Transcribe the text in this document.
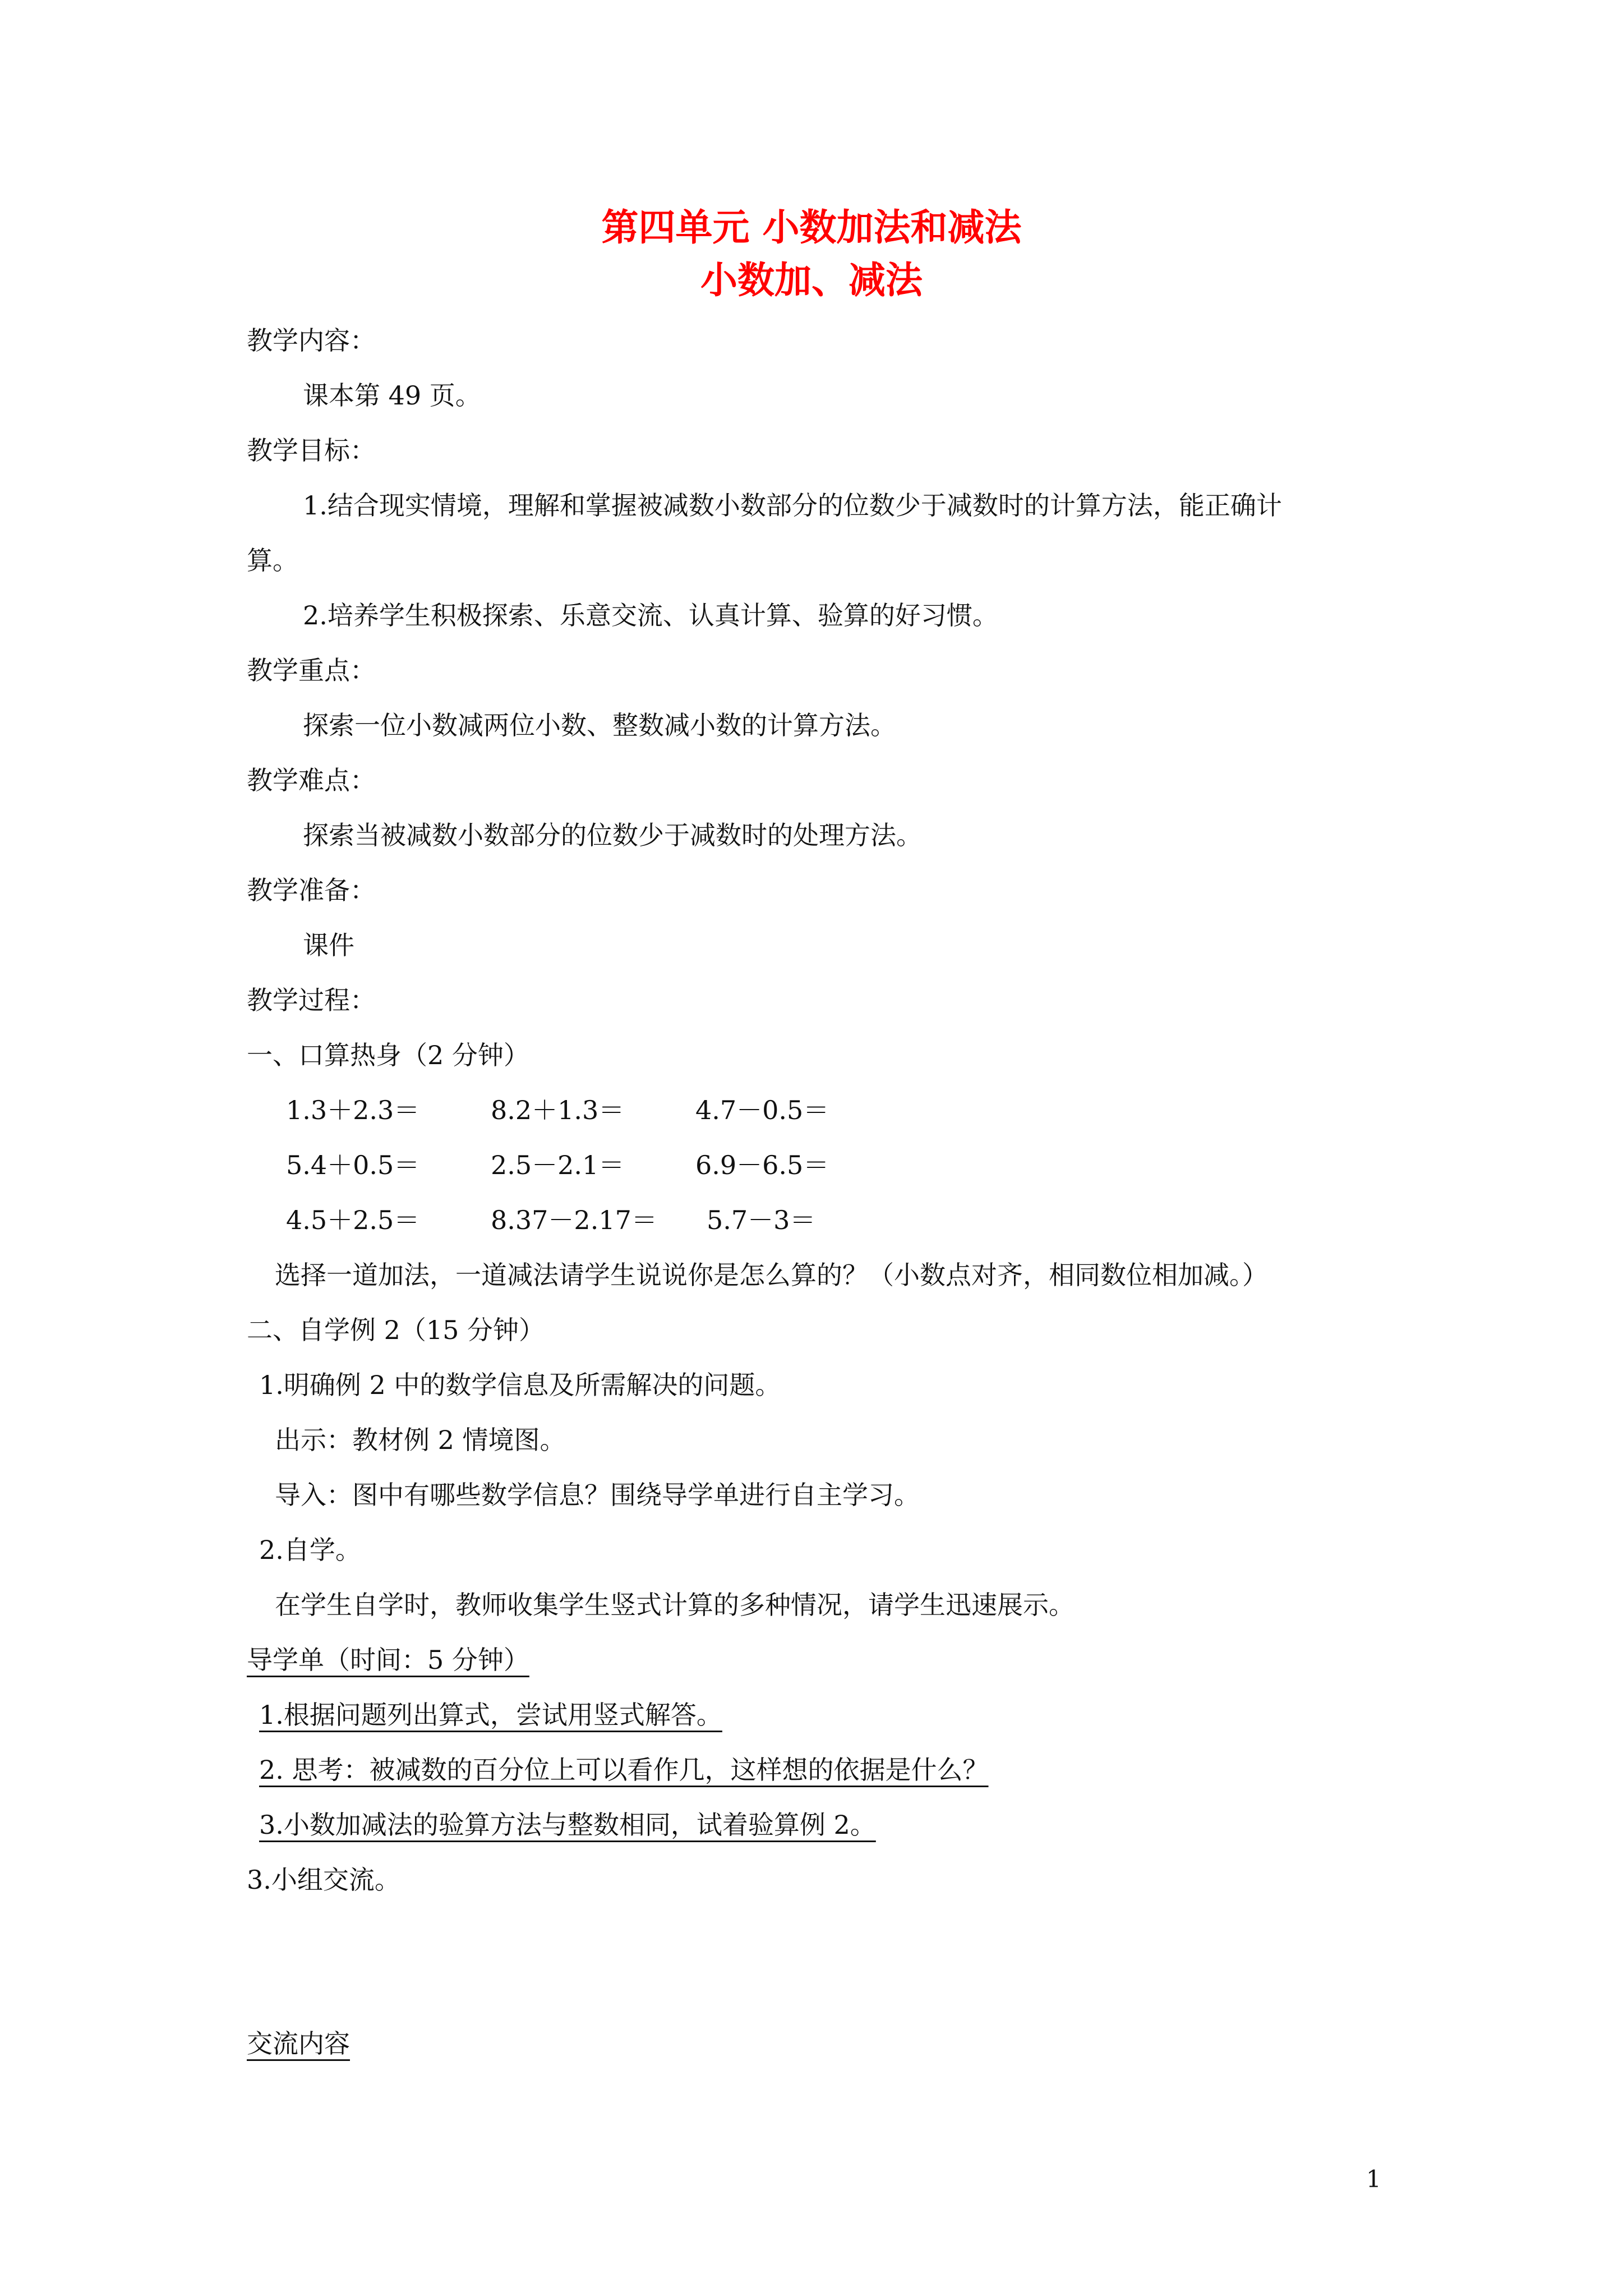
第四单元 小数加法和减法
小数加、减法
教学内容：
课本第 49 页。
教学目标：
1.结合现实情境，理解和掌握被减数小数部分的位数少于减数时的计算方法，能正确计
算。
2.培养学生积极探索、乐意交流、认真计算、验算的好习惯。
教学重点：
探索一位小数减两位小数、整数减小数的计算方法。
教学难点：
探索当被减数小数部分的位数少于减数时的处理方法。
教学准备：
课件
教学过程：
一、口算热身（2 分钟）
1.3＋2.3＝	8.2＋1.3＝	4.7－0.5＝
5.4＋0.5＝	2.5－2.1＝	6.9－6.5＝
4.5＋2.5＝	8.37－2.17＝ 5.7－3＝
选择一道加法，一道减法请学生说说你是怎么算的？（小数点对齐，相同数位相加减。）
二、自学例 2（15 分钟）
1.明确例 2 中的数学信息及所需解决的问题。
出示：教材例 2 情境图。
导入：图中有哪些数学信息？围绕导学单进行自主学习。
2.自学。
在学生自学时，教师收集学生竖式计算的多种情况，请学生迅速展示。
导学单（时间：5 分钟）
1.根据问题列出算式，尝试用竖式解答。
2. 思考：被减数的百分位上可以看作几，这样想的依据是什么？
3.小数加减法的验算方法与整数相同，试着验算例 2。
3.小组交流。
交流内容
1
